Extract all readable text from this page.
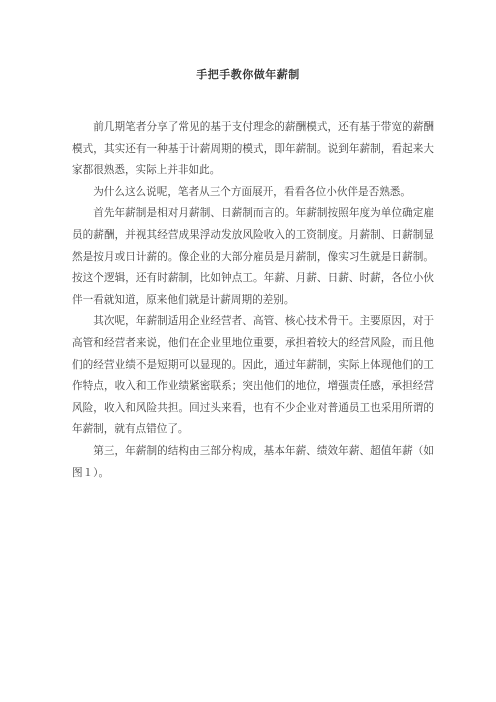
手把手教你做年薪制

前几期笔者分享了常见的基于支付理念的薪酬模式，还有基于带宽的薪酬模式，其实还有一种基于计薪周期的模式，即年薪制。说到年薪制，看起来大家都很熟悉，实际上并非如此。

为什么这么说呢，笔者从三个方面展开，看看各位小伙伴是否熟悉。

首先年薪制是相对月薪制、日薪制而言的。年薪制按照年度为单位确定雇员的薪酬，并视其经营成果浮动发放风险收入的工资制度。月薪制、日薪制显然是按月或日计薪的。像企业的大部分雇员是月薪制，像实习生就是日薪制。按这个逻辑，还有时薪制，比如钟点工。年薪、月薪、日薪、时薪，各位小伙伴一看就知道，原来他们就是计薪周期的差别。

其次呢，年薪制适用企业经营者、高管、核心技术骨干。主要原因，对于高管和经营者来说，他们在企业里地位重要，承担着较大的经营风险，而且他们的经营业绩不是短期可以显现的。因此，通过年薪制，实际上体现他们的工作特点，收入和工作业绩紧密联系；突出他们的地位，增强责任感，承担经营风险，收入和风险共担。回过头来看，也有不少企业对普通员工也采用所谓的年薪制，就有点错位了。

第三，年薪制的结构由三部分构成，基本年薪、绩效年薪、超值年薪（如图１）。
